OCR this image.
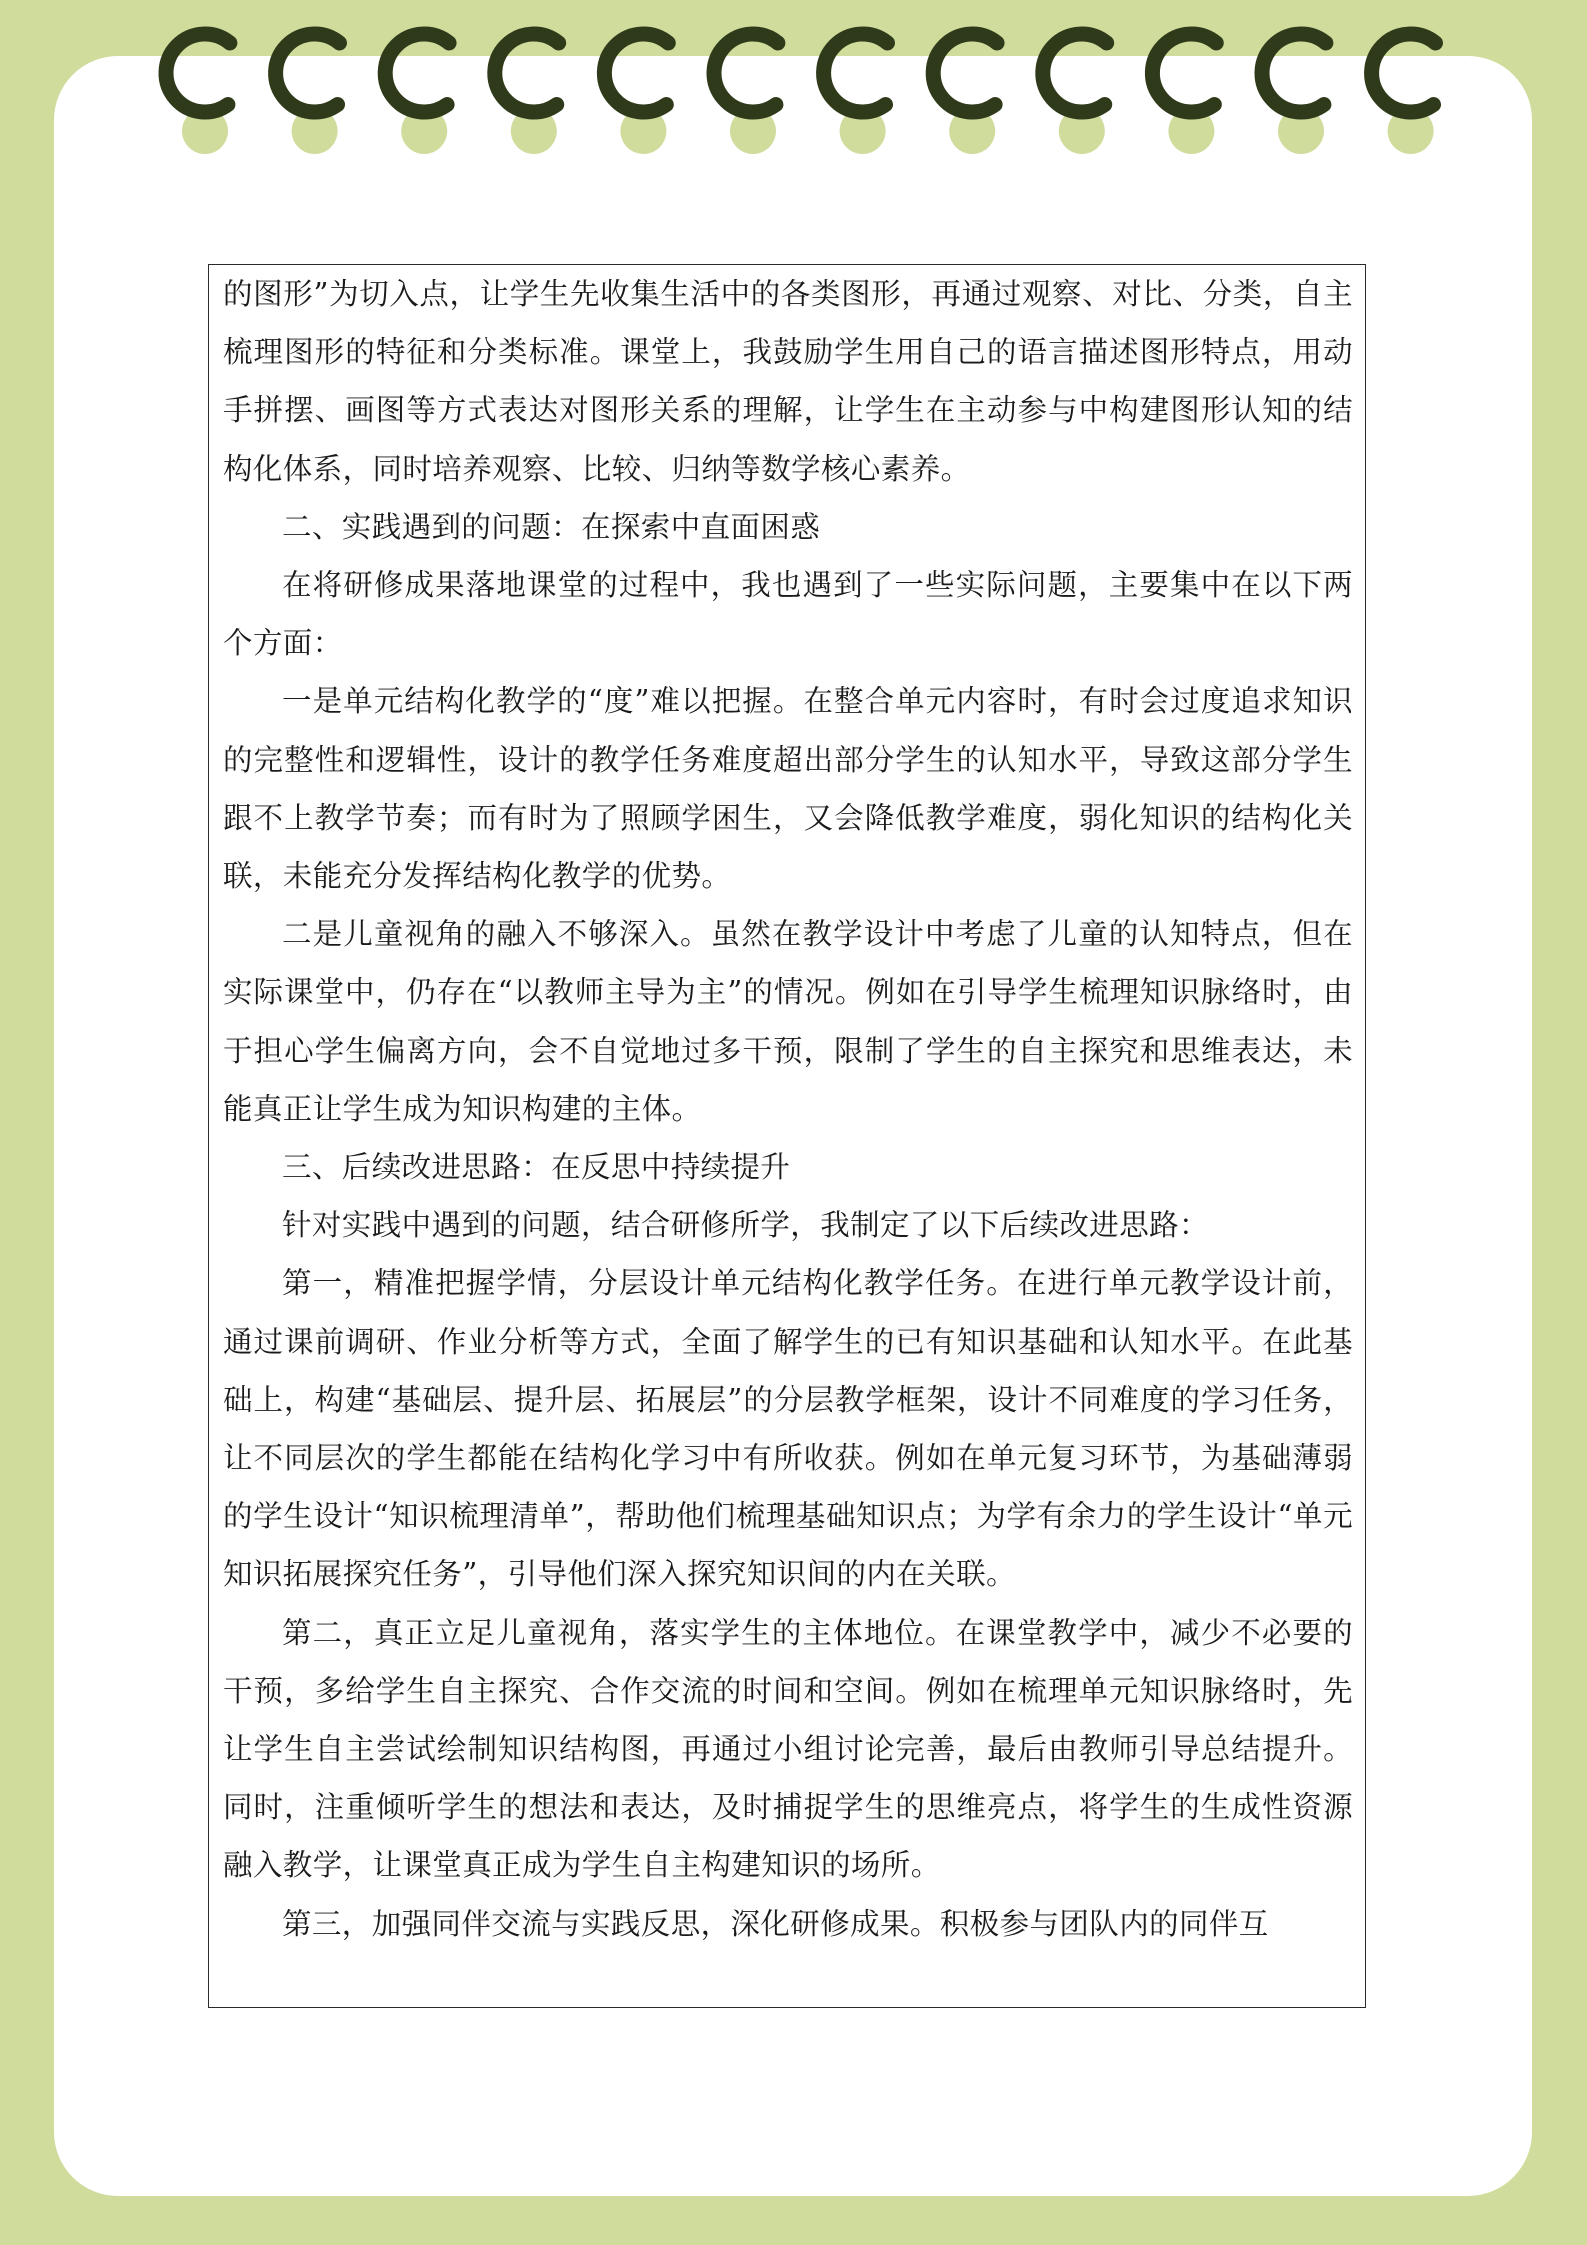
的图形”为切入点，让学生先收集生活中的各类图形，再通过观察、对比、分类，自主梳理图形的特征和分类标准。课堂上，我鼓励学生用自己的语言描述图形特点，用动手拼摆、画图等方式表达对图形关系的理解，让学生在主动参与中构建图形认知的结构化体系，同时培养观察、比较、归纳等数学核心素养。

二、实践遇到的问题：在探索中直面困惑

在将研修成果落地课堂的过程中，我也遇到了一些实际问题，主要集中在以下两个方面：

一是单元结构化教学的“度”难以把握。在整合单元内容时，有时会过度追求知识的完整性和逻辑性，设计的教学任务难度超出部分学生的认知水平，导致这部分学生跟不上教学节奏；而有时为了照顾学困生，又会降低教学难度，弱化知识的结构化关联，未能充分发挥结构化教学的优势。

二是儿童视角的融入不够深入。虽然在教学设计中考虑了儿童的认知特点，但在实际课堂中，仍存在“以教师主导为主”的情况。例如在引导学生梳理知识脉络时，由于担心学生偏离方向，会不自觉地过多干预，限制了学生的自主探究和思维表达，未能真正让学生成为知识构建的主体。

三、后续改进思路：在反思中持续提升

针对实践中遇到的问题，结合研修所学，我制定了以下后续改进思路：

第一，精准把握学情，分层设计单元结构化教学任务。在进行单元教学设计前，通过课前调研、作业分析等方式，全面了解学生的已有知识基础和认知水平。在此基础上，构建“基础层、提升层、拓展层”的分层教学框架，设计不同难度的学习任务，让不同层次的学生都能在结构化学习中有所收获。例如在单元复习环节，为基础薄弱的学生设计“知识梳理清单”，帮助他们梳理基础知识点；为学有余力的学生设计“单元知识拓展探究任务”，引导他们深入探究知识间的内在关联。

第二，真正立足儿童视角，落实学生的主体地位。在课堂教学中，减少不必要的干预，多给学生自主探究、合作交流的时间和空间。例如在梳理单元知识脉络时，先让学生自主尝试绘制知识结构图，再通过小组讨论完善，最后由教师引导总结提升。同时，注重倾听学生的想法和表达，及时捕捉学生的思维亮点，将学生的生成性资源融入教学，让课堂真正成为学生自主构建知识的场所。

第三，加强同伴交流与实践反思，深化研修成果。积极参与团队内的同伴互
